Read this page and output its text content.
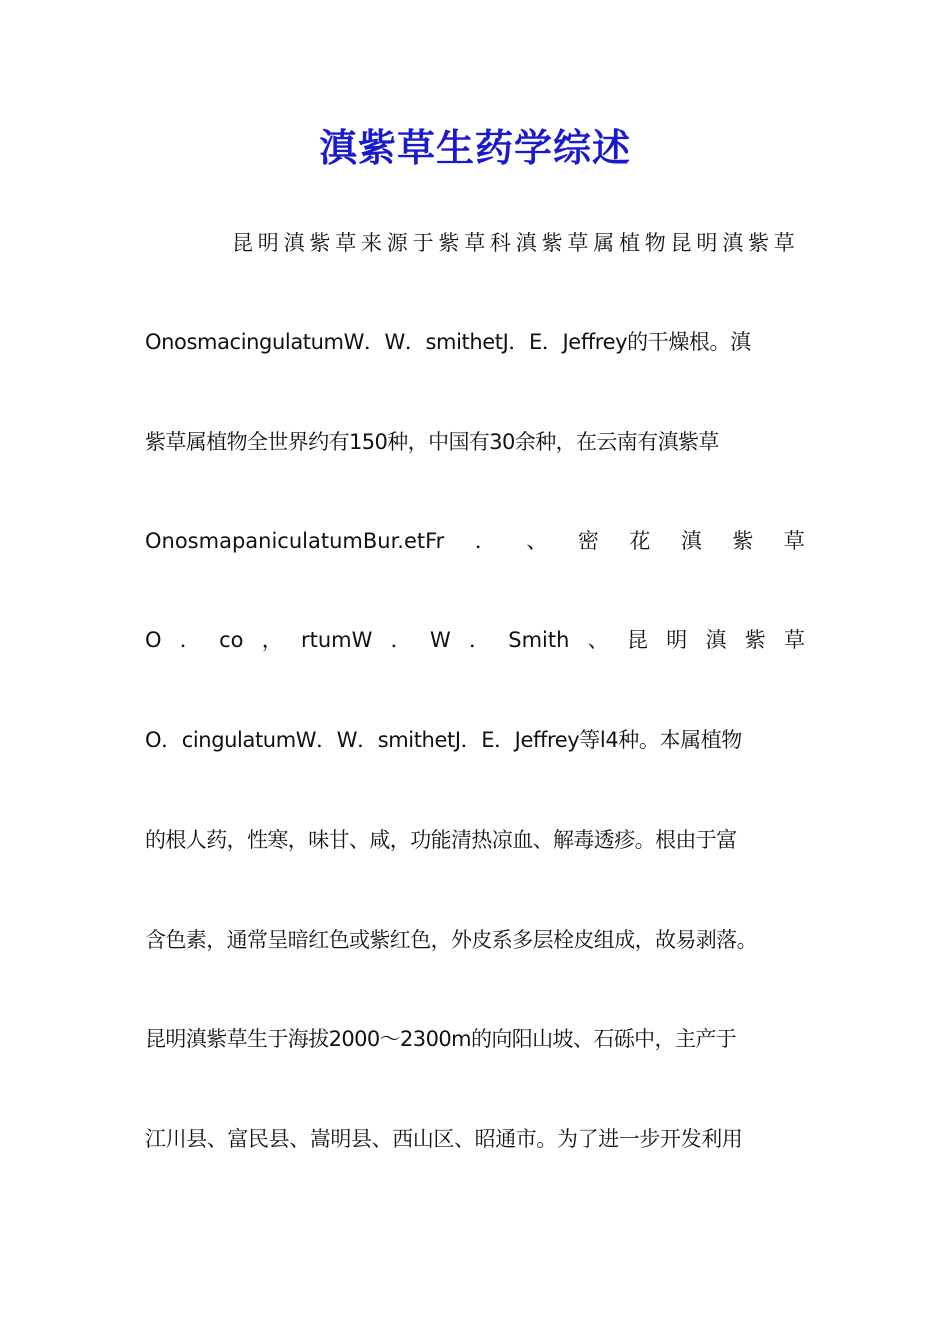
滇紫草生药学综述
昆明滇紫草来源于紫草科滇紫草属植物昆明滇紫草
OnosmacingulatumW．W．smithetJ．E．Jeffrey的干燥根。滇
紫草属植物全世界约有150种，中国有30余种，在云南有滇紫草
OnosmapaniculatumBur.etFr ． 、 密 花 滇 紫 草
O ． co ， rtumW ． W ． Smith 、 昆 明 滇 紫 草
O．cingulatumW．W．smithetJ．E．Jeffrey等l4种。本属植物
的根人药，性寒，味甘、咸，功能清热凉血、解毒透疹。根由于富
含色素，通常呈暗红色或紫红色，外皮系多层栓皮组成，故易剥落。
昆明滇紫草生于海拔2000～2300m的向阳山坡、石砾中，主产于
江川县、富民县、嵩明县、西山区、昭通市。为了进一步开发利用
